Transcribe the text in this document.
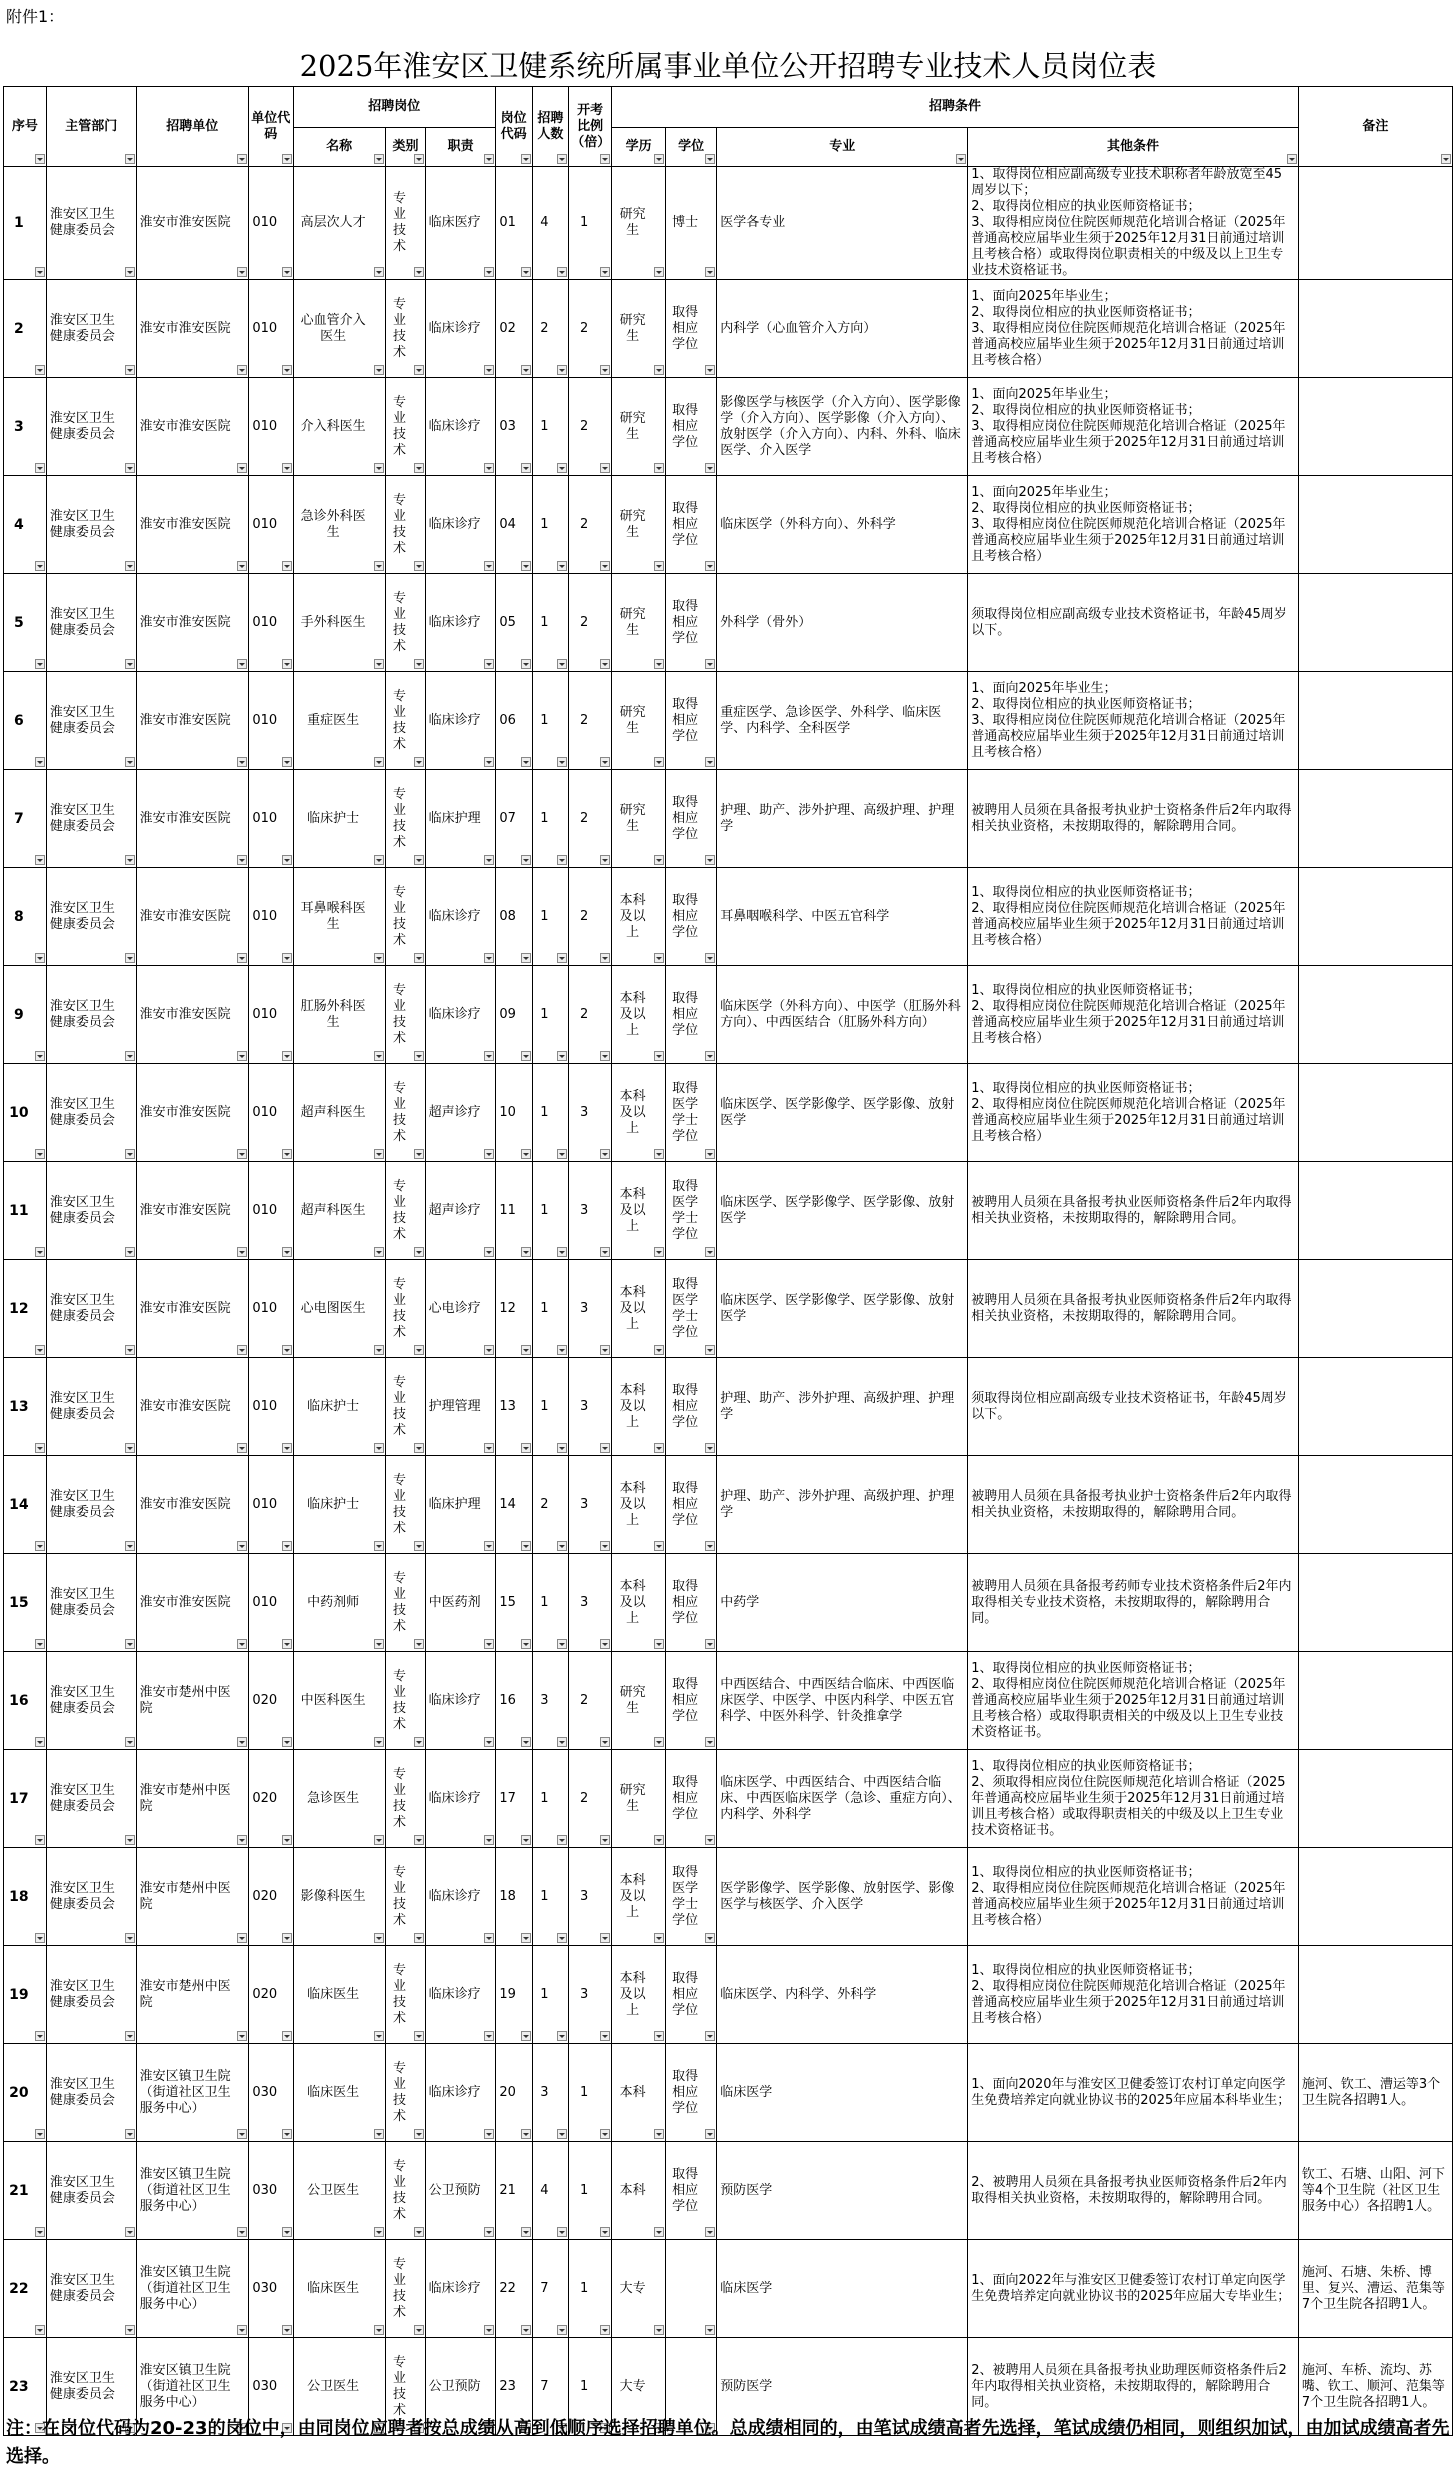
附件1：
2025年淮安区卫健系统所属事业单位公开招聘专业技术人员岗位表
序号	主管部门	招聘单位	单位代码	招聘岗位			岗位代码	招聘人数	开考比例（倍）	招聘条件				备注

				名称	类别	职责				学历	学位	专业	其他条件	

1	淮安区卫生健康委员会	淮安市淮安医院	010	高层次人才	专业技术	临床医疗	01	4	1	研究生	博士	医学各专业	1、取得岗位相应副高级专业技术职称者年龄放宽至45周岁以下；
2、取得岗位相应的执业医师资格证书；
3、取得相应岗位住院医师规范化培训合格证（2025年普通高校应届毕业生须于2025年12月31日前通过培训且考核合格）或取得岗位职责相关的中级及以上卫生专业技术资格证书。	
2	淮安区卫生健康委员会	淮安市淮安医院	010	心血管介入医生	专业技术	临床诊疗	02	2	2	研究生	取得相应学位	内科学（心血管介入方向）	1、面向2025年毕业生；
2、取得岗位相应的执业医师资格证书；
3、取得相应岗位住院医师规范化培训合格证（2025年普通高校应届毕业生须于2025年12月31日前通过培训且考核合格）	
3	淮安区卫生健康委员会	淮安市淮安医院	010	介入科医生	专业技术	临床诊疗	03	1	2	研究生	取得相应学位	影像医学与核医学（介入方向）、医学影像学（介入方向）、医学影像（介入方向）、放射医学（介入方向）、内科、外科、临床医学、介入医学	1、面向2025年毕业生；
2、取得岗位相应的执业医师资格证书；
3、取得相应岗位住院医师规范化培训合格证（2025年普通高校应届毕业生须于2025年12月31日前通过培训且考核合格）	
4	淮安区卫生健康委员会	淮安市淮安医院	010	急诊外科医生	专业技术	临床诊疗	04	1	2	研究生	取得相应学位	临床医学（外科方向）、外科学	1、面向2025年毕业生；
2、取得岗位相应的执业医师资格证书；
3、取得相应岗位住院医师规范化培训合格证（2025年普通高校应届毕业生须于2025年12月31日前通过培训且考核合格）	
5	淮安区卫生健康委员会	淮安市淮安医院	010	手外科医生	专业技术	临床诊疗	05	1	2	研究生	取得相应学位	外科学（骨外）	须取得岗位相应副高级专业技术资格证书，年龄45周岁以下。	
6	淮安区卫生健康委员会	淮安市淮安医院	010	重症医生	专业技术	临床诊疗	06	1	2	研究生	取得相应学位	重症医学、急诊医学、外科学、临床医学、内科学、全科医学	1、面向2025年毕业生；
2、取得岗位相应的执业医师资格证书；
3、取得相应岗位住院医师规范化培训合格证（2025年普通高校应届毕业生须于2025年12月31日前通过培训且考核合格）	
7	淮安区卫生健康委员会	淮安市淮安医院	010	临床护士	专业技术	临床护理	07	1	2	研究生	取得相应学位	护理、助产、涉外护理、高级护理、护理学	被聘用人员须在具备报考执业护士资格条件后2年内取得相关执业资格，未按期取得的，解除聘用合同。	
8	淮安区卫生健康委员会	淮安市淮安医院	010	耳鼻喉科医生	专业技术	临床诊疗	08	1	2	本科及以上	取得相应学位	耳鼻咽喉科学、中医五官科学	1、取得岗位相应的执业医师资格证书；
2、取得相应岗位住院医师规范化培训合格证（2025年普通高校应届毕业生须于2025年12月31日前通过培训且考核合格）	
9	淮安区卫生健康委员会	淮安市淮安医院	010	肛肠外科医生	专业技术	临床诊疗	09	1	2	本科及以上	取得相应学位	临床医学（外科方向）、中医学（肛肠外科方向）、中西医结合（肛肠外科方向）	1、取得岗位相应的执业医师资格证书；
2、取得相应岗位住院医师规范化培训合格证（2025年普通高校应届毕业生须于2025年12月31日前通过培训且考核合格）	
10	淮安区卫生健康委员会	淮安市淮安医院	010	超声科医生	专业技术	超声诊疗	10	1	3	本科及以上	取得医学学士学位	临床医学、医学影像学、医学影像、放射医学	1、取得岗位相应的执业医师资格证书；
2、取得相应岗位住院医师规范化培训合格证（2025年普通高校应届毕业生须于2025年12月31日前通过培训且考核合格）	
11	淮安区卫生健康委员会	淮安市淮安医院	010	超声科医生	专业技术	超声诊疗	11	1	3	本科及以上	取得医学学士学位	临床医学、医学影像学、医学影像、放射医学	被聘用人员须在具备报考执业医师资格条件后2年内取得相关执业资格，未按期取得的，解除聘用合同。	
12	淮安区卫生健康委员会	淮安市淮安医院	010	心电图医生	专业技术	心电诊疗	12	1	3	本科及以上	取得医学学士学位	临床医学、医学影像学、医学影像、放射医学	被聘用人员须在具备报考执业医师资格条件后2年内取得相关执业资格，未按期取得的，解除聘用合同。	
13	淮安区卫生健康委员会	淮安市淮安医院	010	临床护士	专业技术	护理管理	13	1	3	本科及以上	取得相应学位	护理、助产、涉外护理、高级护理、护理学	须取得岗位相应副高级专业技术资格证书，年龄45周岁以下。	
14	淮安区卫生健康委员会	淮安市淮安医院	010	临床护士	专业技术	临床护理	14	2	3	本科及以上	取得相应学位	护理、助产、涉外护理、高级护理、护理学	被聘用人员须在具备报考执业护士资格条件后2年内取得相关执业资格，未按期取得的，解除聘用合同。	
15	淮安区卫生健康委员会	淮安市淮安医院	010	中药剂师	专业技术	中医药剂	15	1	3	本科及以上	取得相应学位	中药学	被聘用人员须在具备报考药师专业技术资格条件后2年内取得相关专业技术资格，未按期取得的，解除聘用合同。	
16	淮安区卫生健康委员会	淮安市楚州中医院	020	中医科医生	专业技术	临床诊疗	16	3	2	研究生	取得相应学位	中西医结合、中西医结合临床、中西医临床医学、中医学、中医内科学、中医五官科学、中医外科学、针灸推拿学	1、取得岗位相应的执业医师资格证书；
2、取得相应岗位住院医师规范化培训合格证（2025年普通高校应届毕业生须于2025年12月31日前通过培训且考核合格）或取得职责相关的中级及以上卫生专业技术资格证书。	
17	淮安区卫生健康委员会	淮安市楚州中医院	020	急诊医生	专业技术	临床诊疗	17	1	2	研究生	取得相应学位	临床医学、中西医结合、中西医结合临床、中西医临床医学（急诊、重症方向）、内科学、外科学	1、取得岗位相应的执业医师资格证书；
2、须取得相应岗位住院医师规范化培训合格证（2025年普通高校应届毕业生须于2025年12月31日前通过培训且考核合格）或取得职责相关的中级及以上卫生专业技术资格证书。	
18	淮安区卫生健康委员会	淮安市楚州中医院	020	影像科医生	专业技术	临床诊疗	18	1	3	本科及以上	取得医学学士学位	医学影像学、医学影像、放射医学、影像医学与核医学、介入医学	1、取得岗位相应的执业医师资格证书；
2、取得相应岗位住院医师规范化培训合格证（2025年普通高校应届毕业生须于2025年12月31日前通过培训且考核合格）	
19	淮安区卫生健康委员会	淮安市楚州中医院	020	临床医生	专业技术	临床诊疗	19	1	3	本科及以上	取得相应学位	临床医学、内科学、外科学	1、取得岗位相应的执业医师资格证书；
2、取得相应岗位住院医师规范化培训合格证（2025年普通高校应届毕业生须于2025年12月31日前通过培训且考核合格）	
20	淮安区卫生健康委员会	淮安区镇卫生院（街道社区卫生服务中心）	030	临床医生	专业技术	临床诊疗	20	3	1	本科	取得相应学位	临床医学	1、面向2020年与淮安区卫健委签订农村订单定向医学生免费培养定向就业协议书的2025年应届本科毕业生；	施河、钦工、漕运等3个卫生院各招聘1人。
21	淮安区卫生健康委员会	淮安区镇卫生院（街道社区卫生服务中心）	030	公卫医生	专业技术	公卫预防	21	4	1	本科	取得相应学位	预防医学	2、被聘用人员须在具备报考执业医师资格条件后2年内取得相关执业资格，未按期取得的，解除聘用合同。	钦工、石塘、山阳、河下等4个卫生院（社区卫生服务中心）各招聘1人。
22	淮安区卫生健康委员会	淮安区镇卫生院（街道社区卫生服务中心）	030	临床医生	专业技术	临床诊疗	22	7	1	大专		临床医学	1、面向2022年与淮安区卫健委签订农村订单定向医学生免费培养定向就业协议书的2025年应届大专毕业生；	施河、石塘、朱桥、博里、复兴、漕运、范集等7个卫生院各招聘1人。
23	淮安区卫生健康委员会	淮安区镇卫生院（街道社区卫生服务中心）	030	公卫医生	专业技术	公卫预防	23	7	1	大专		预防医学	2、被聘用人员须在具备报考执业助理医师资格条件后2年内取得相关执业资格，未按期取得的，解除聘用合同。	施河、车桥、流均、苏嘴、钦工、顺河、范集等7个卫生院各招聘1人。
注：在岗位代码为20-23的岗位中，由同岗位应聘者按总成绩从高到低顺序选择招聘单位。总成绩相同的，由笔试成绩高者先选择，笔试成绩仍相同，则组织加试，由加试成绩高者先选择。
